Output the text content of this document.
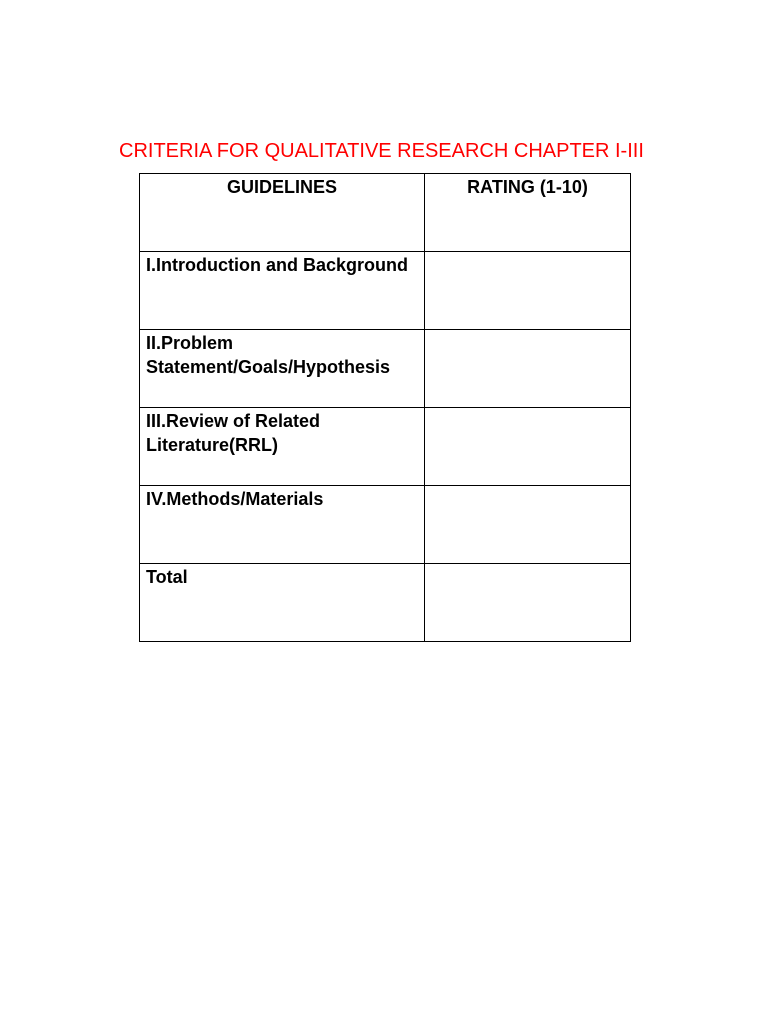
CRITERIA FOR QUALITATIVE RESEARCH CHAPTER I-III
GUIDELINES	RATING (1-10)
I.Introduction and Background	
II.Problem Statement/Goals/Hypothesis	
III.Review of Related Literature(RRL)	
IV.Methods/Materials	
Total	
